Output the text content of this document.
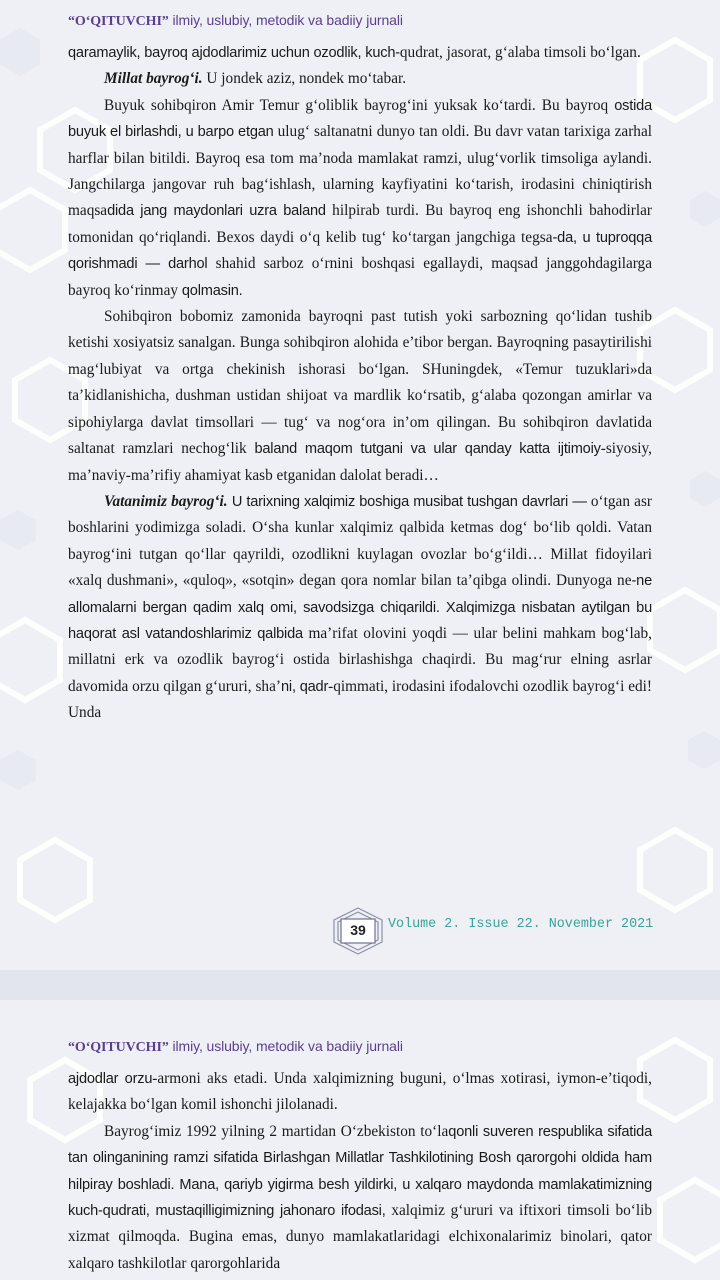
“O‘QITUVCHI” ilmiy, uslubiy, metodik va badiiy jurnali

qaramaylik, bayroq ajdodlarimiz uchun ozodlik, kuch-qudrat, jasorat, g‘alaba timsoli bo‘lgan.

Millat bayrog‘i. U jondek aziz, nondek mo‘tabar.

Buyuk sohibqiron Amir Temur g‘oliblik bayrog‘ini yuksak ko‘tardi. Bu bayroq ostida buyuk el birlashdi, u barpo etgan ulug‘ saltanatni dunyo tan oldi. Bu davr vatan tarixiga zarhal harflar bilan bitildi. Bayroq esa tom ma’noda mamlakat ramzi, ulug‘vorlik timsoliga aylandi. Jangchilarga jangovar ruh bag‘ishlash, ularning kayfiyatini ko‘tarish, irodasini chiniqtirish maqsadida jang maydonlari uzra baland hilpirab turdi. Bu bayroq eng ishonchli bahodirlar tomonidan qo‘riqlandi. Bexos daydi o‘q kelib tug‘ ko‘targan jangchiga tegsa-da, u tuproqqa qorishmadi — darhol shahid sarboz o‘rnini boshqasi egallaydi, maqsad janggohdagilarga bayroq ko‘rinmay qolmasin.

Sohibqiron bobomiz zamonida bayroqni past tutish yoki sarbozning qo‘lidan tushib ketishi xosiyatsiz sanalgan. Bunga sohibqiron alohida e’tibor bergan. Bayroqning pasaytirilishi mag‘lubiyat va ortga chekinish ishorasi bo‘lgan. SHuningdek, «Temur tuzuklari»da ta’kidlanishicha, dushman ustidan shijoat va mardlik ko‘rsatib, g‘alaba qozongan amirlar va sipohiylarga davlat timsollari — tug‘ va nog‘ora in’om qilingan. Bu sohibqiron davlatida saltanat ramzlari nechog‘lik baland maqom tutgani va ular qanday katta ijtimoiy-siyosiy, ma’naviy-ma’rifiy ahamiyat kasb etganidan dalolat beradi…

Vatanimiz bayrog‘i. U tarixning xalqimiz boshiga musibat tushgan davrlari — o‘tgan asr boshlarini yodimizga soladi. O‘sha kunlar xalqimiz qalbida ketmas dog‘ bo‘lib qoldi. Vatan bayrog‘ini tutgan qo‘llar qayrildi, ozodlikni kuylagan ovozlar bo‘g‘ildi… Millat fidoyilari «xalq dushmani», «quloq», «sotqin» degan qora nomlar bilan ta’qibga olindi. Dunyoga ne-ne allomalarni bergan qadim xalq omi, savodsizga chiqarildi. Xalqimizga nisbatan aytilgan bu haqorat asl vatandoshlarimiz qalbida ma’rifat olovini yoqdi — ular belini mahkam bog‘lab, millatni erk va ozodlik bayrog‘i ostida birlashishga chaqirdi. Bu mag‘rur elning asrlar davomida orzu qilgan g‘ururi, sha’ni, qadr-qimmati, irodasini ifodalovchi ozodlik bayrog‘i edi! Unda

39	Volume 2. Issue 22. November 2021
“O‘QITUVCHI” ilmiy, uslubiy, metodik va badiiy jurnali

ajdodlar orzu-armoni aks etadi. Unda xalqimizning buguni, o‘lmas xotirasi, iymon-e’tiqodi, kelajakka bo‘lgan komil ishonchi jilolanadi.

Bayrog‘imiz 1992 yilning 2 martidan O‘zbekiston to‘laqonli suveren respublika sifatida tan olinganining ramzi sifatida Birlashgan Millatlar Tashkilotining Bosh qarorgohi oldida ham hilpiray boshladi. Mana, qariyb yigirma besh yildirki, u xalqaro maydonda mamlakatimizning kuch-qudrati, mustaqilligimizning jahonaro ifodasi, xalqimiz g‘ururi va iftixori timsoli bo‘lib xizmat qilmoqda. Bugina emas, dunyo mamlakatlaridagi elchixonalarimiz binolari, qator xalqaro tashkilotlar qarorgohlarida
